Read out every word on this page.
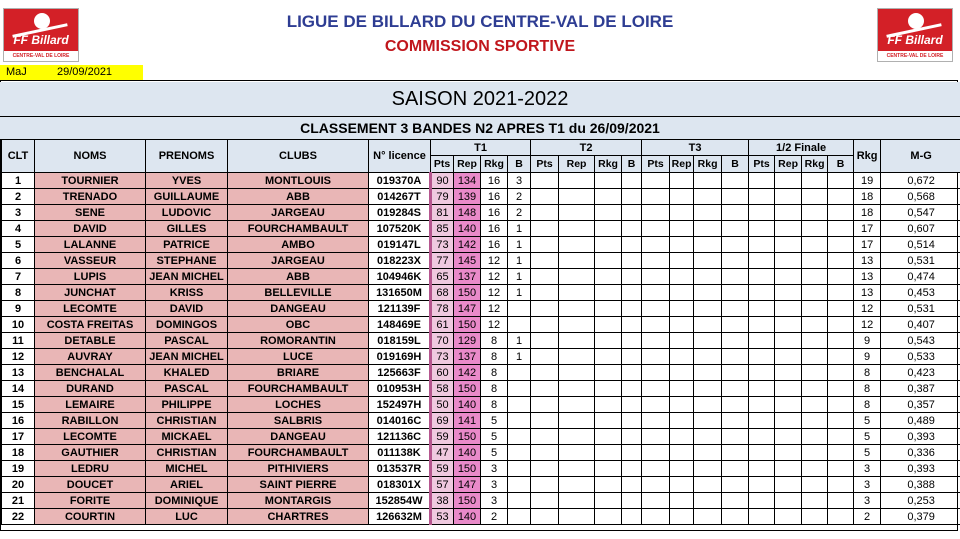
FF Billard
CENTRE-VAL DE LOIRE
FF Billard
CENTRE-VAL DE LOIRE
LIGUE DE BILLARD DU CENTRE-VAL DE LOIRE
COMMISSION SPORTIVE
MaJ	29/09/2021
SAISON 2021-2022
CLASSEMENT 3 BANDES N2 APRES T1 du 26/09/2021
CLT	NOMS	PRENOMS	CLUBS	N° licence	T1				T2				T3				1/2 Finale				Rkg	M-G
					Pts	Rep	Rkg	B	Pts	Rep	Rkg	B	Pts	Rep	Rkg	B	Pts	Rep	Rkg	B		
1	TOURNIER	YVES	MONTLOUIS	019370A	90	134	16	3													19	0,672
2	TRENADO	GUILLAUME	ABB	014267T	79	139	16	2													18	0,568
3	SENE	LUDOVIC	JARGEAU	019284S	81	148	16	2													18	0,547
4	DAVID	GILLES	FOURCHAMBAULT	107520K	85	140	16	1													17	0,607
5	LALANNE	PATRICE	AMBO	019147L	73	142	16	1													17	0,514
6	VASSEUR	STEPHANE	JARGEAU	018223X	77	145	12	1													13	0,531
7	LUPIS	JEAN MICHEL	ABB	104946K	65	137	12	1													13	0,474
8	JUNCHAT	KRISS	BELLEVILLE	131650M	68	150	12	1													13	0,453
9	LECOMTE	DAVID	DANGEAU	121139F	78	147	12														12	0,531
10	COSTA FREITAS	DOMINGOS	OBC	148469E	61	150	12														12	0,407
11	DETABLE	PASCAL	ROMORANTIN	018159L	70	129	8	1													9	0,543
12	AUVRAY	JEAN MICHEL	LUCE	019169H	73	137	8	1													9	0,533
13	BENCHALAL	KHALED	BRIARE	125663F	60	142	8														8	0,423
14	DURAND	PASCAL	FOURCHAMBAULT	010953H	58	150	8														8	0,387
15	LEMAIRE	PHILIPPE	LOCHES	152497H	50	140	8														8	0,357
16	RABILLON	CHRISTIAN	SALBRIS	014016C	69	141	5														5	0,489
17	LECOMTE	MICKAEL	DANGEAU	121136C	59	150	5														5	0,393
18	GAUTHIER	CHRISTIAN	FOURCHAMBAULT	011138K	47	140	5														5	0,336
19	LEDRU	MICHEL	PITHIVIERS	013537R	59	150	3														3	0,393
20	DOUCET	ARIEL	SAINT PIERRE	018301X	57	147	3														3	0,388
21	FORITE	DOMINIQUE	MONTARGIS	152854W	38	150	3														3	0,253
22	COURTIN	LUC	CHARTRES	126632M	53	140	2														2	0,379
